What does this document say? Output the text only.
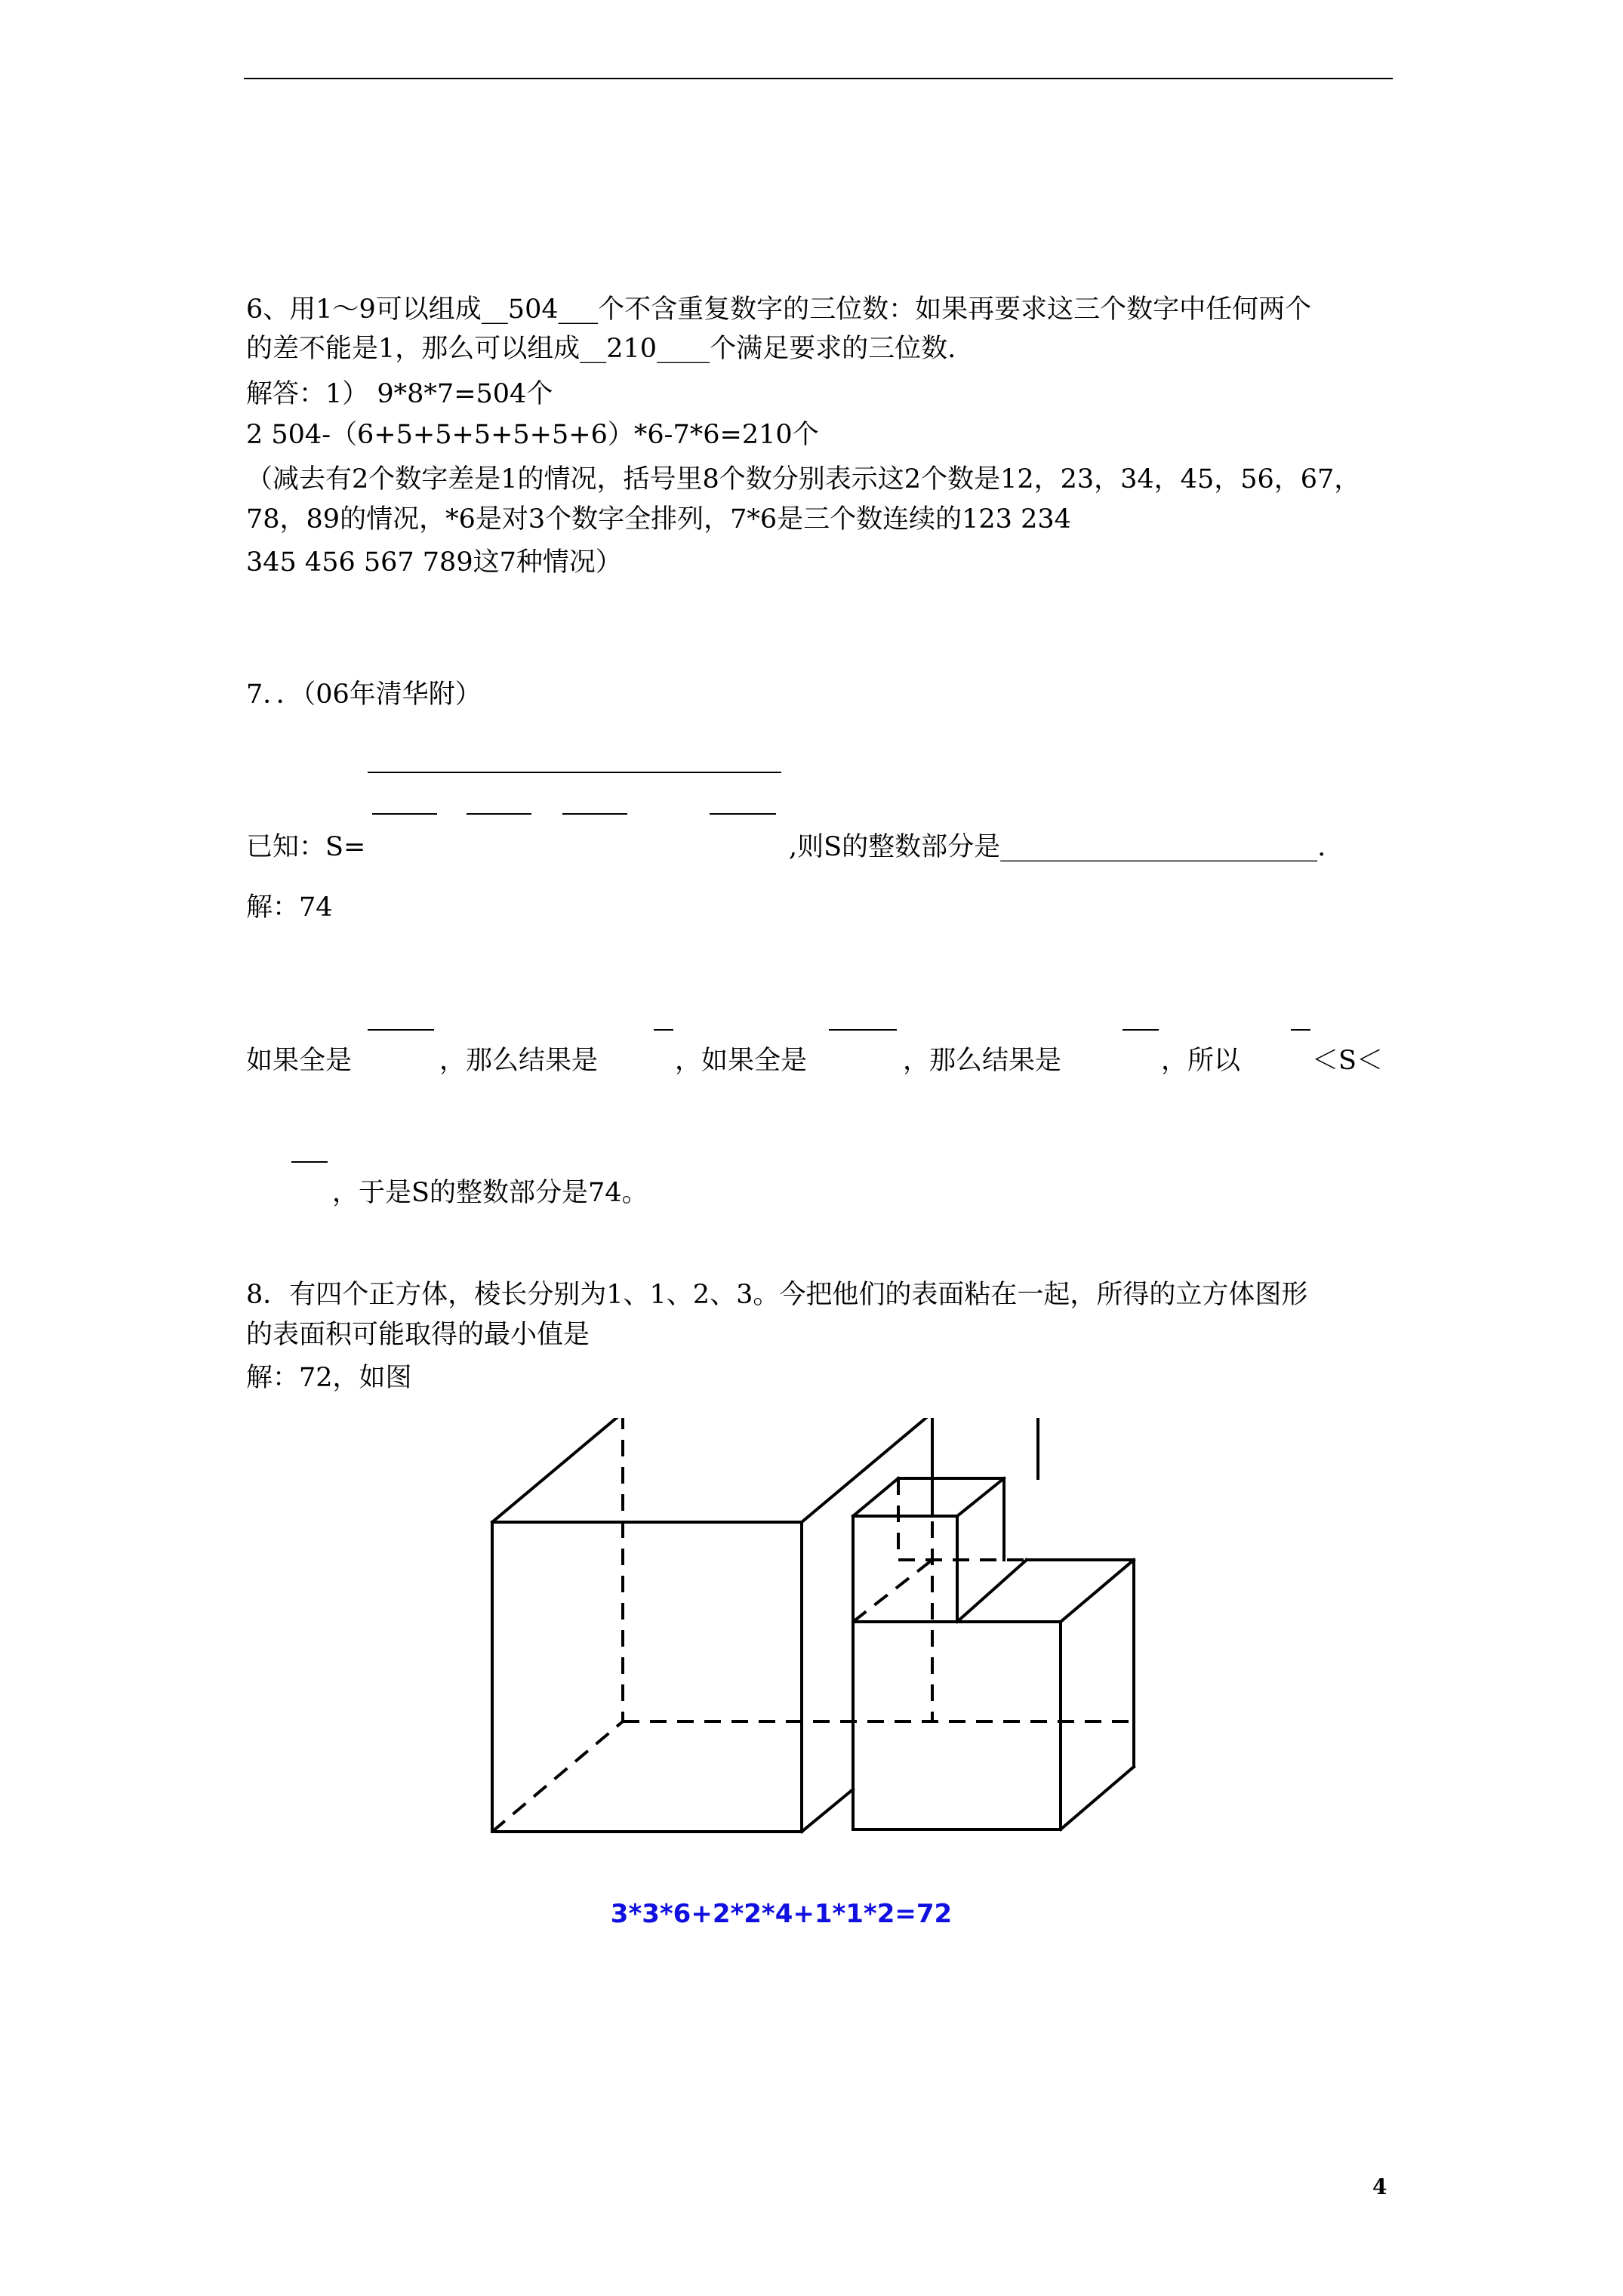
6、用1～9可以组成__504___个不含重复数字的三位数：如果再要求这三个数字中任何两个
的差不能是1，那么可以组成__210____个满足要求的三位数.
解答：1） 9*8*7=504个
2 504-（6+5+5+5+5+5+6）*6-7*6=210个
（减去有2个数字差是1的情况，括号里8个数分别表示这2个数是12，23，34，45，56，67，
78，89的情况，*6是对3个数字全排列，7*6是三个数连续的123 234
345 456 567 789这7种情况）
7．．（06年清华附）
已知：S=	,则S的整数部分是________________________.
解：74
如果全是	，那么结果是	，如果全是	，那么结果是	，所以	＜S＜
，于是S的整数部分是74。
8．有四个正方体，棱长分别为1、1、2、3。今把他们的表面粘在一起，所得的立方体图形
的表面积可能取得的最小值是
解：72，如图
3*3*6+2*2*4+1*1*2=72
4
